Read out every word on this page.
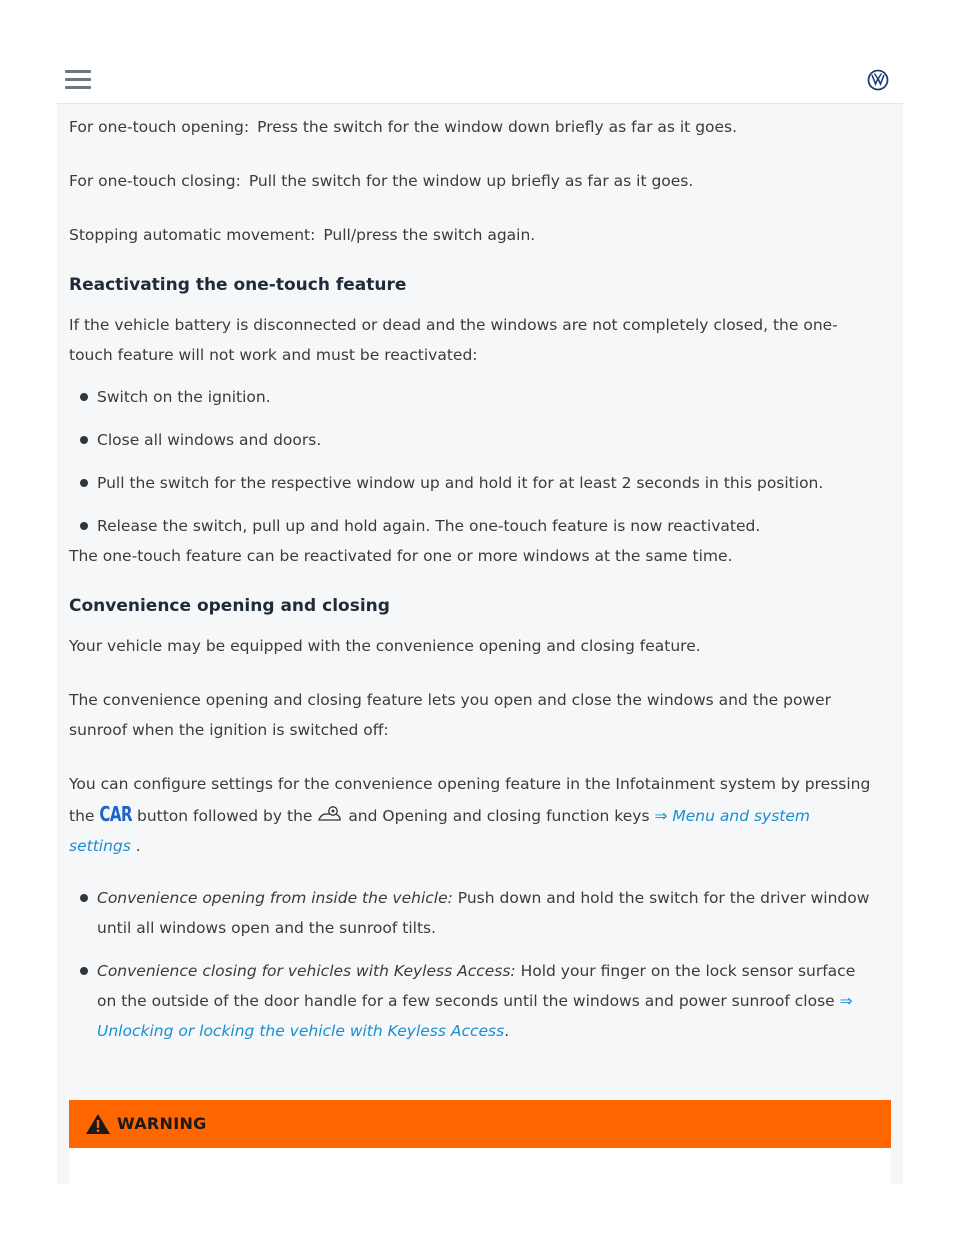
For one-touch opening: Press the switch for the window down briefly as far as it goes.

For one-touch closing: Pull the switch for the window up briefly as far as it goes.

Stopping automatic movement: Pull/press the switch again.

Reactivating the one-touch feature

If the vehicle battery is disconnected or dead and the windows are not completely closed, the one-touch feature will not work and must be reactivated:

Switch on the ignition.
Close all windows and doors.
Pull the switch for the respective window up and hold it for at least 2 seconds in this position.
Release the switch, pull up and hold again. The one-touch feature is now reactivated.

The one-touch feature can be reactivated for one or more windows at the same time.

Convenience opening and closing

Your vehicle may be equipped with the convenience opening and closing feature.

The convenience opening and closing feature lets you open and close the windows and the power sunroof when the ignition is switched off:

You can configure settings for the convenience opening feature in the Infotainment system by pressing the CAR button followed by the and Opening and closing function keys ⇒ Menu and system settings .

Convenience opening from inside the vehicle: Push down and hold the switch for the driver window until all windows open and the sunroof tilts.
Convenience closing for vehicles with Keyless Access: Hold your finger on the lock sensor surface on the outside of the door handle for a few seconds until the windows and power sunroof close ⇒ Unlocking or locking the vehicle with Keyless Access.
WARNING
